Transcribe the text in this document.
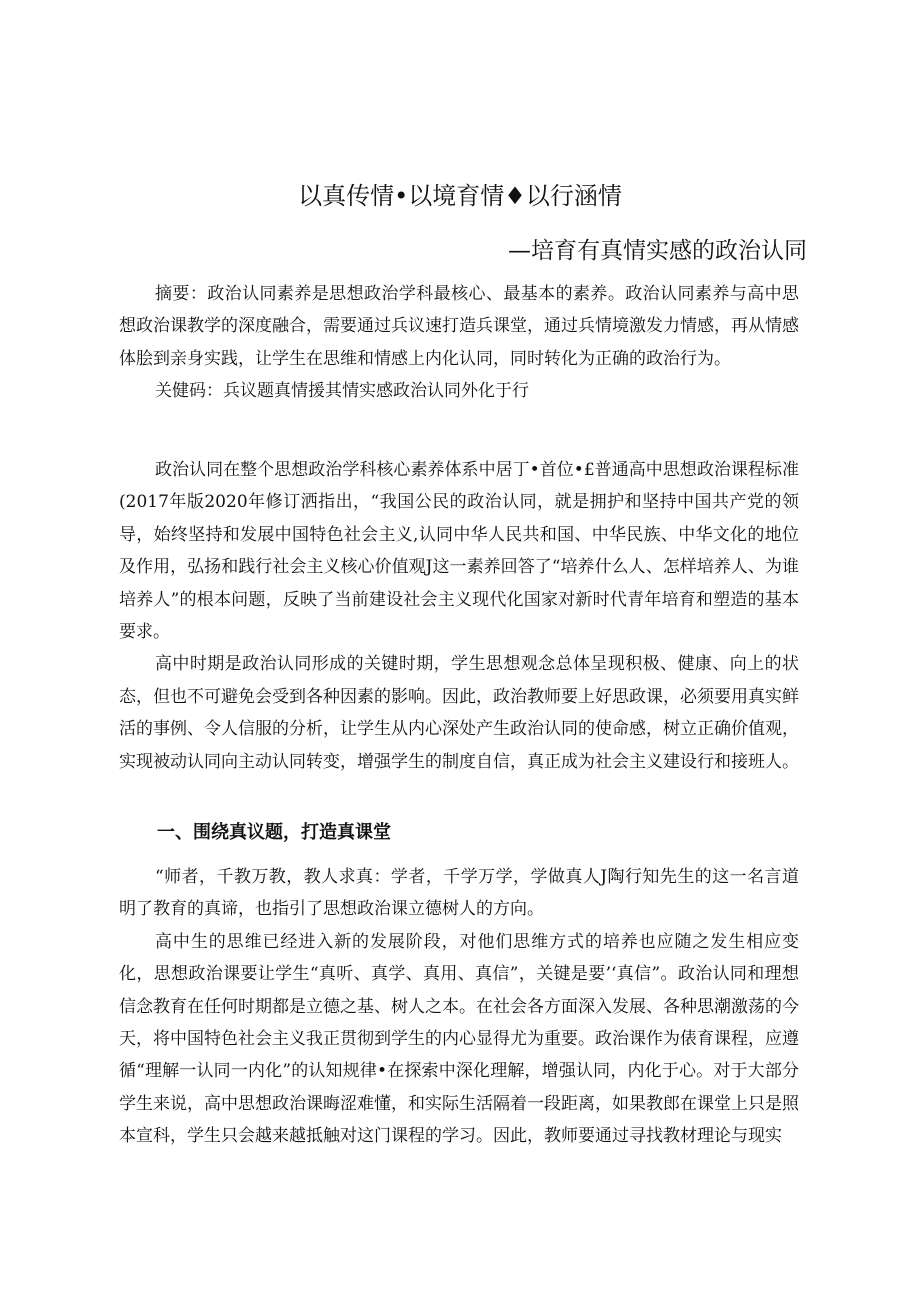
以真传情•以境育情♦以行涵情
—培育有真情实感的政治认同

摘要：政治认同素养是思想政治学科最核心、最基本的素养。政治认同素养与高中思想政治课教学的深度融合，需要通过兵议速打造兵课堂，通过兵情境激发力情感，再从情感体脍到亲身实践，让学生在思维和情感上内化认同，同时转化为正确的政治行为。

关健码：兵议题真情援其情实感政治认同外化于行

政治认同在整个思想政治学科核心素养体系中居丁•首位•£普通高中思想政治课程标准(2017年版2020年修订洒指出，“我国公民的政治认同，就是拥护和坚持中国共产党的领导，始终坚持和发展中国特色社会主义,认同中华人民共和国、中华民族、中华文化的地位及作用，弘扬和践行社会主义核心价值观J这一素养回答了“培养什么人、怎样培养人、为谁培养人”的根本问题，反映了当前建设社会主义现代化国家对新时代青年培育和塑造的基本要求。

高中时期是政治认同形成的关键时期，学生思想观念总体呈现积极、健康、向上的状态，但也不可避免会受到各种因素的影响。因此，政治教师要上好思政课，必须要用真实鲜活的事例、令人信服的分析，让学生从内心深处产生政治认同的使命感，树立正确价值观，实现被动认同向主动认同转变，增强学生的制度自信，真正成为社会主义建设行和接班人。

一、围绕真议题，打造真课堂

“师者，千教万教，教人求真：学者，千学万学，学做真人J陶行知先生的这一名言道明了教育的真谛，也指引了思想政治课立德树人的方向。

高中生的思维已经进入新的发展阶段，对他们思维方式的培养也应随之发生相应变化，思想政治课要让学生“真听、真学、真用、真信”，关键是要’‘真信”。政治认同和理想信念教育在任何时期都是立德之基、树人之本。在社会各方面深入发展、各种思潮激荡的今天，将中国特色社会主义我正贯彻到学生的内心显得尤为重要。政治课作为俵育课程，应遵循“理解一认同一内化”的认知规律•在探索中深化理解，增强认同，内化于心。对于大部分学生来说，高中思想政治课晦涩难懂，和实际生活隔着一段距离，如果教郎在课堂上只是照本宣科，学生只会越来越抵触对这门课程的学习。因此，教师要通过寻找教材理论与现实
